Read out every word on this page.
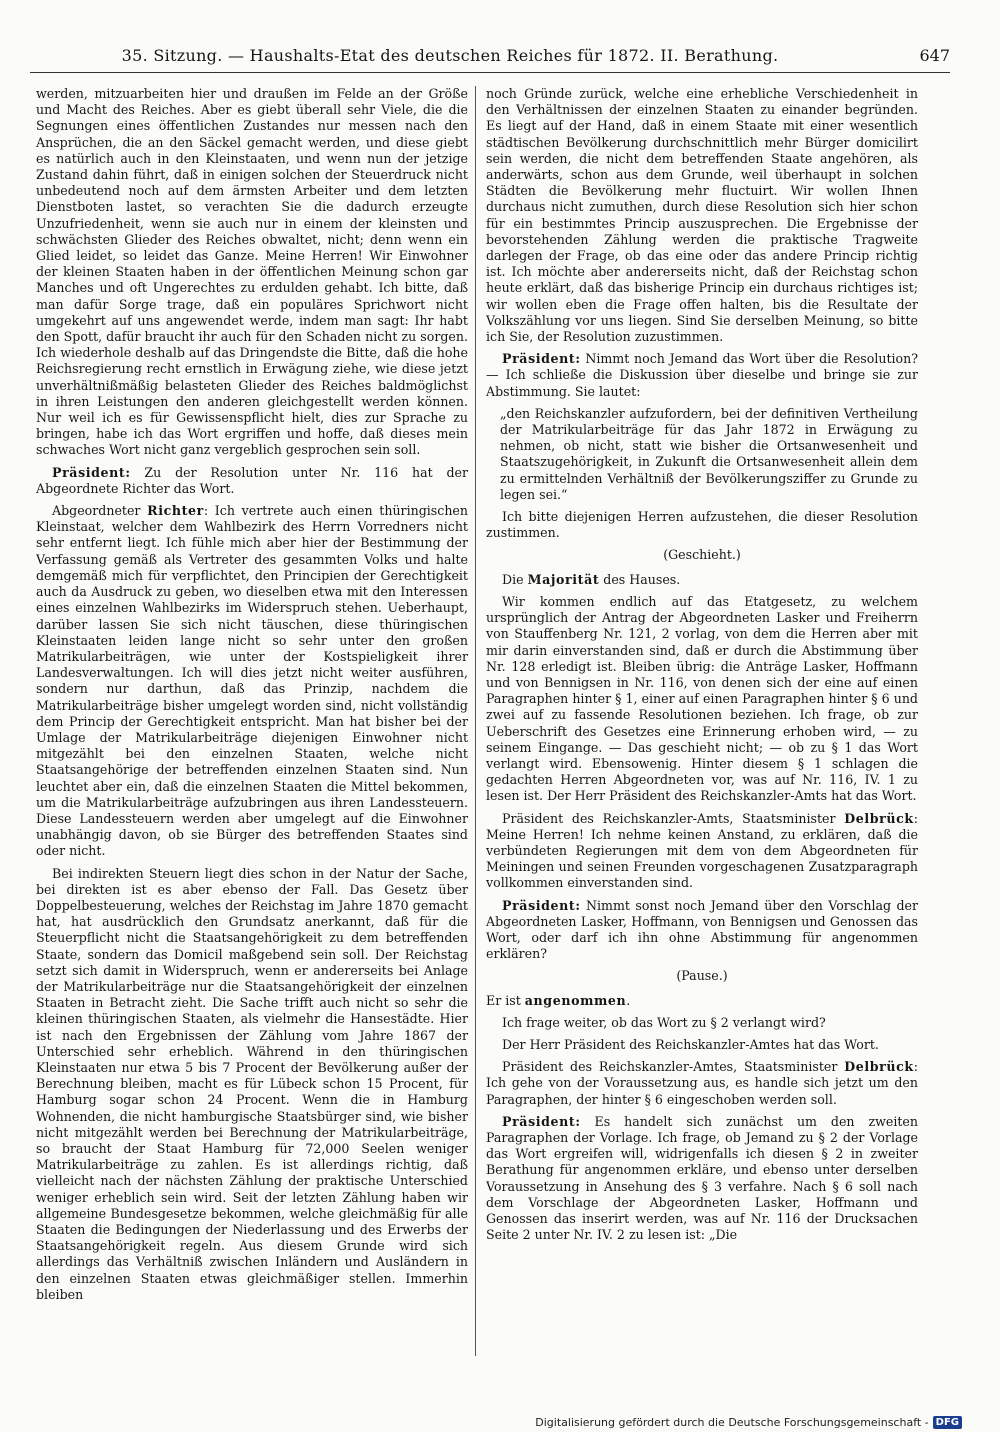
35. Sitzung. — Haushalts-Etat des deutschen Reiches für 1872. II. Berathung.	647

werden, mitzuarbeiten hier und draußen im Felde an der Größe und Macht des Reiches. Aber es giebt überall sehr Viele, die die Segnungen eines öffentlichen Zustandes nur messen nach den Ansprüchen, die an den Säckel gemacht werden, und diese giebt es natürlich auch in den Kleinstaaten, und wenn nun der jetzige Zustand dahin führt, daß in einigen solchen der Steuerdruck nicht unbedeutend noch auf dem ärmsten Arbeiter und dem letzten Dienstboten lastet, so verachten Sie die dadurch erzeugte Unzufriedenheit, wenn sie auch nur in einem der kleinsten und schwächsten Glieder des Reiches obwaltet, nicht; denn wenn ein Glied leidet, so leidet das Ganze. Meine Herren! Wir Einwohner der kleinen Staaten haben in der öffentlichen Meinung schon gar Manches und oft Ungerechtes zu erdulden gehabt. Ich bitte, daß man dafür Sorge trage, daß ein populäres Sprichwort nicht umgekehrt auf uns angewendet werde, indem man sagt: Ihr habt den Spott, dafür braucht ihr auch für den Schaden nicht zu sorgen. Ich wiederhole deshalb auf das Dringendste die Bitte, daß die hohe Reichsregierung recht ernstlich in Erwägung ziehe, wie diese jetzt unverhältnißmäßig belasteten Glieder des Reiches baldmöglichst in ihren Leistungen den anderen gleichgestellt werden können. Nur weil ich es für Gewissenspflicht hielt, dies zur Sprache zu bringen, habe ich das Wort ergriffen und hoffe, daß dieses mein schwaches Wort nicht ganz vergeblich gesprochen sein soll.

Präsident: Zu der Resolution unter Nr. 116 hat der Abgeordnete Richter das Wort.

Abgeordneter Richter: Ich vertrete auch einen thüringischen Kleinstaat, welcher dem Wahlbezirk des Herrn Vorredners nicht sehr entfernt liegt. Ich fühle mich aber hier der Bestimmung der Verfassung gemäß als Vertreter des gesammten Volks und halte demgemäß mich für verpflichtet, den Principien der Gerechtigkeit auch da Ausdruck zu geben, wo dieselben etwa mit den Interessen eines einzelnen Wahlbezirks im Widerspruch stehen. Ueberhaupt, darüber lassen Sie sich nicht täuschen, diese thüringischen Kleinstaaten leiden lange nicht so sehr unter den großen Matrikularbeiträgen, wie unter der Kostspieligkeit ihrer Landesverwaltungen. Ich will dies jetzt nicht weiter ausführen, sondern nur darthun, daß das Prinzip, nachdem die Matrikularbeiträge bisher umgelegt worden sind, nicht vollständig dem Princip der Gerechtigkeit entspricht. Man hat bisher bei der Umlage der Matrikularbeiträge diejenigen Einwohner nicht mitgezählt bei den einzelnen Staaten, welche nicht Staatsangehörige der betreffenden einzelnen Staaten sind. Nun leuchtet aber ein, daß die einzelnen Staaten die Mittel bekommen, um die Matrikularbeiträge aufzubringen aus ihren Landessteuern. Diese Landessteuern werden aber umgelegt auf die Einwohner unabhängig davon, ob sie Bürger des betreffenden Staates sind oder nicht.

Bei indirekten Steuern liegt dies schon in der Natur der Sache, bei direkten ist es aber ebenso der Fall. Das Gesetz über Doppelbesteuerung, welches der Reichstag im Jahre 1870 gemacht hat, hat ausdrücklich den Grundsatz anerkannt, daß für die Steuerpflicht nicht die Staatsangehörigkeit zu dem betreffenden Staate, sondern das Domicil maßgebend sein soll. Der Reichstag setzt sich damit in Widerspruch, wenn er andererseits bei Anlage der Matrikularbeiträge nur die Staatsangehörigkeit der einzelnen Staaten in Betracht zieht. Die Sache trifft auch nicht so sehr die kleinen thüringischen Staaten, als vielmehr die Hansestädte. Hier ist nach den Ergebnissen der Zählung vom Jahre 1867 der Unterschied sehr erheblich. Während in den thüringischen Kleinstaaten nur etwa 5 bis 7 Procent der Bevölkerung außer der Berechnung bleiben, macht es für Lübeck schon 15 Procent, für Hamburg sogar schon 24 Procent. Wenn die in Hamburg Wohnenden, die nicht hamburgische Staatsbürger sind, wie bisher nicht mitgezählt werden bei Berechnung der Matrikularbeiträge, so braucht der Staat Hamburg für 72,000 Seelen weniger Matrikularbeiträge zu zahlen. Es ist allerdings richtig, daß vielleicht nach der nächsten Zählung der praktische Unterschied weniger erheblich sein wird. Seit der letzten Zählung haben wir allgemeine Bundesgesetze bekommen, welche gleichmäßig für alle Staaten die Bedingungen der Niederlassung und des Erwerbs der Staatsangehörigkeit regeln. Aus diesem Grunde wird sich allerdings das Verhältniß zwischen Inländern und Ausländern in den einzelnen Staaten etwas gleichmäßiger stellen. Immerhin bleiben

noch Gründe zurück, welche eine erhebliche Verschiedenheit in den Verhältnissen der einzelnen Staaten zu einander begründen. Es liegt auf der Hand, daß in einem Staate mit einer wesentlich städtischen Bevölkerung durchschnittlich mehr Bürger domicilirt sein werden, die nicht dem betreffenden Staate angehören, als anderwärts, schon aus dem Grunde, weil überhaupt in solchen Städten die Bevölkerung mehr fluctuirt. Wir wollen Ihnen durchaus nicht zumuthen, durch diese Resolution sich hier schon für ein bestimmtes Princip auszusprechen. Die Ergebnisse der bevorstehenden Zählung werden die praktische Tragweite darlegen der Frage, ob das eine oder das andere Princip richtig ist. Ich möchte aber andererseits nicht, daß der Reichstag schon heute erklärt, daß das bisherige Princip ein durchaus richtiges ist; wir wollen eben die Frage offen halten, bis die Resultate der Volkszählung vor uns liegen. Sind Sie derselben Meinung, so bitte ich Sie, der Resolution zuzustimmen.

Präsident: Nimmt noch Jemand das Wort über die Resolution? — Ich schließe die Diskussion über dieselbe und bringe sie zur Abstimmung. Sie lautet:

„den Reichskanzler aufzufordern, bei der definitiven Vertheilung der Matrikularbeiträge für das Jahr 1872 in Erwägung zu nehmen, ob nicht, statt wie bisher die Ortsanwesenheit und Staatszugehörigkeit, in Zukunft die Ortsanwesenheit allein dem zu ermittelnden Verhältniß der Bevölkerungsziffer zu Grunde zu legen sei.“

Ich bitte diejenigen Herren aufzustehen, die dieser Resolution zustimmen.

(Geschieht.)

Die Majorität des Hauses.

Wir kommen endlich auf das Etatgesetz, zu welchem ursprünglich der Antrag der Abgeordneten Lasker und Freiherrn von Stauffenberg Nr. 121, 2 vorlag, von dem die Herren aber mit mir darin einverstanden sind, daß er durch die Abstimmung über Nr. 128 erledigt ist. Bleiben übrig: die Anträge Lasker, Hoffmann und von Bennigsen in Nr. 116, von denen sich der eine auf einen Paragraphen hinter § 1, einer auf einen Paragraphen hinter § 6 und zwei auf zu fassende Resolutionen beziehen. Ich frage, ob zur Ueberschrift des Gesetzes eine Erinnerung erhoben wird, — zu seinem Eingange. — Das geschieht nicht; — ob zu § 1 das Wort verlangt wird. Ebensowenig. Hinter diesem § 1 schlagen die gedachten Herren Abgeordneten vor, was auf Nr. 116, IV. 1 zu lesen ist. Der Herr Präsident des Reichskanzler-Amts hat das Wort.

Präsident des Reichskanzler-Amts, Staatsminister Delbrück: Meine Herren! Ich nehme keinen Anstand, zu erklären, daß die verbündeten Regierungen mit dem von dem Abgeordneten für Meiningen und seinen Freunden vorgeschagenen Zusatzparagraph vollkommen einverstanden sind.

Präsident: Nimmt sonst noch Jemand über den Vorschlag der Abgeordneten Lasker, Hoffmann, von Bennigsen und Genossen das Wort, oder darf ich ihn ohne Abstimmung für angenommen erklären?

(Pause.)

Er ist angenommen.

Ich frage weiter, ob das Wort zu § 2 verlangt wird?

Der Herr Präsident des Reichskanzler-Amtes hat das Wort.

Präsident des Reichskanzler-Amtes, Staatsminister Delbrück: Ich gehe von der Voraussetzung aus, es handle sich jetzt um den Paragraphen, der hinter § 6 eingeschoben werden soll.

Präsident: Es handelt sich zunächst um den zweiten Paragraphen der Vorlage. Ich frage, ob Jemand zu § 2 der Vorlage das Wort ergreifen will, widrigenfalls ich diesen § 2 in zweiter Berathung für angenommen erkläre, und ebenso unter derselben Voraussetzung in Ansehung des § 3 verfahre. Nach § 6 soll nach dem Vorschlage der Abgeordneten Lasker, Hoffmann und Genossen das inserirt werden, was auf Nr. 116 der Drucksachen Seite 2 unter Nr. IV. 2 zu lesen ist: „Die

Digitalisierung gefördert durch die Deutsche Forschungsgemeinschaft - DFG
